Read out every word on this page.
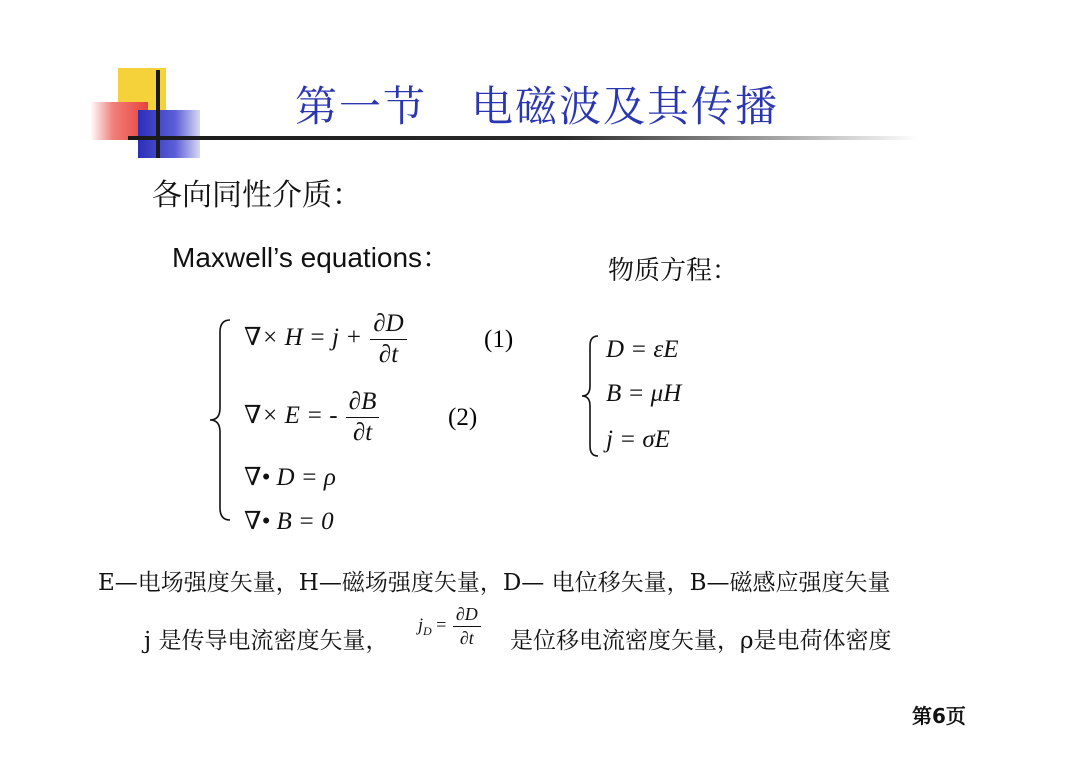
第一节　电磁波及其传播
各向同性介质：
Maxwell’s equations：	物质方程：
∇× $H = j + \frac{\partial D}{\partial t}$	(1)
∇× E = - $\frac{\partial B}{\partial t}$	(2)
∇• D = ρ
∇• B = 0
D = εE
B = μH
j = σE
E—电场强度矢量，H—磁场强度矢量，D— 电位移矢量，B—磁感应强度矢量
j 是传导电流密度矢量，
$j_D = \frac{\partial D}{\partial t}$ 是位移电流密度矢量，ρ是电荷体密度
第6页
